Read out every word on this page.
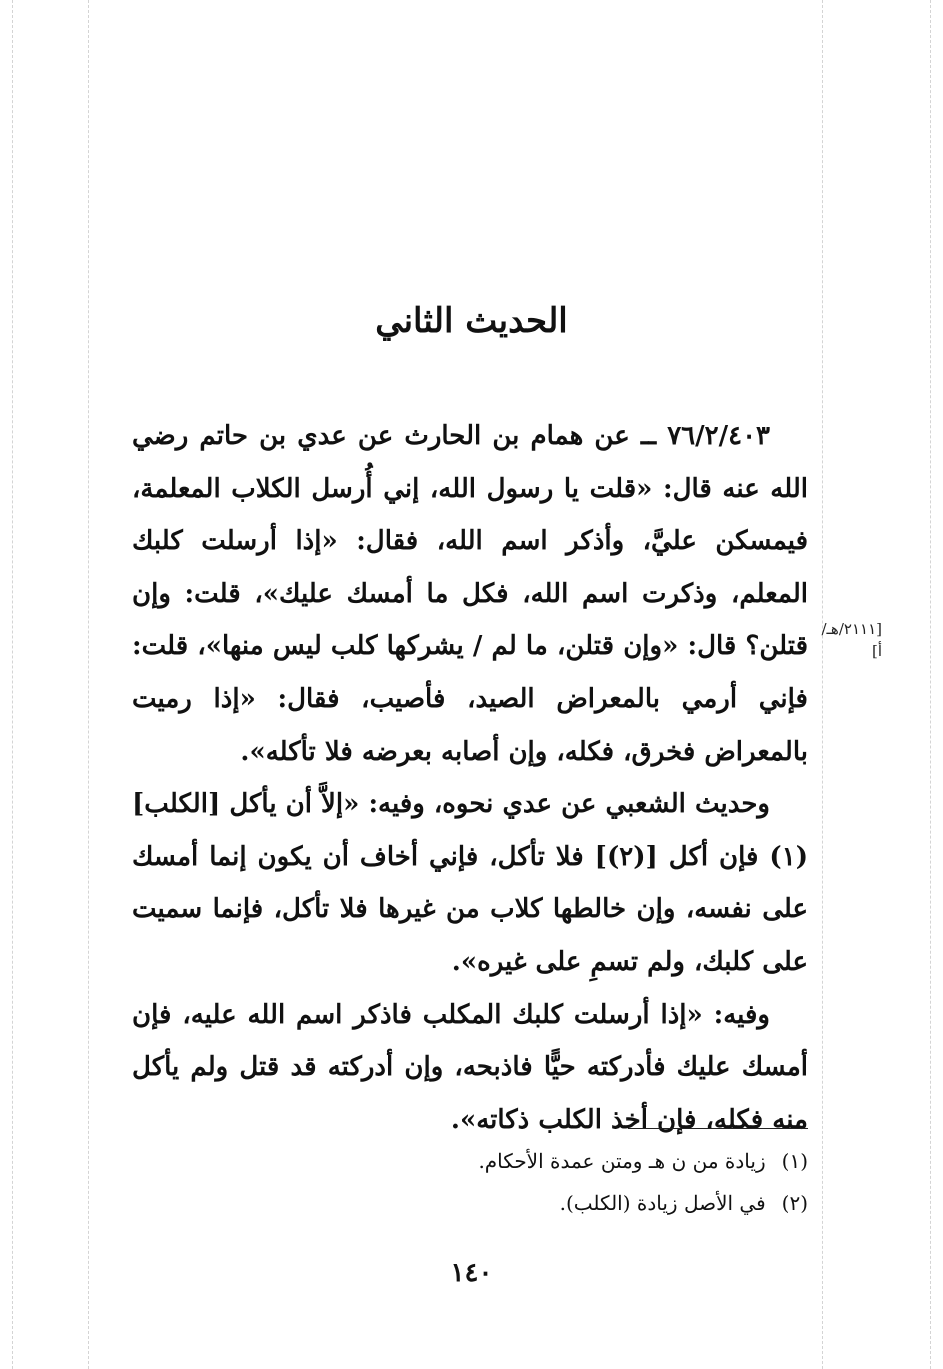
الحديث الثاني
[٢١١١/هـ/أ]

٧٦/٢/٤٠٣ ــ عن همام بن الحارث عن عدي بن حاتم رضي الله عنه قال: «قلت يا رسول الله، إني أُرسل الكلاب المعلمة، فيمسكن عليَّ، وأذكر اسم الله، فقال: «إذا أرسلت كلبك المعلم، وذكرت اسم الله، فكل ما أمسك عليك»، قلت: وإن قتلن؟ قال: «وإن قتلن، ما لم / يشركها كلب ليس منها»، قلت: فإني أرمي بالمعراض الصيد، فأصيب، فقال: «إذا رميت بالمعراض فخرق، فكله، وإن أصابه بعرضه فلا تأكله».

وحديث الشعبي عن عدي نحوه، وفيه: «إلاَّ أن يأكل [الكلب](١) فإن أكل [(٢)] فلا تأكل، فإني أخاف أن يكون إنما أمسك على نفسه، وإن خالطها كلاب من غيرها فلا تأكل، فإنما سميت على كلبك، ولم تسمِ على غيره».

وفيه: «إذا أرسلت كلبك المكلب فاذكر اسم الله عليه، فإن أمسك عليك فأدركته حيًّا فاذبحه، وإن أدركته قد قتل ولم يأكل منه فكله، فإن أخذ الكلب ذكاته».

(١)زيادة من ن هـ ومتن عمدة الأحكام.
(٢)في الأصل زيادة (الكلب).
١٤٠
